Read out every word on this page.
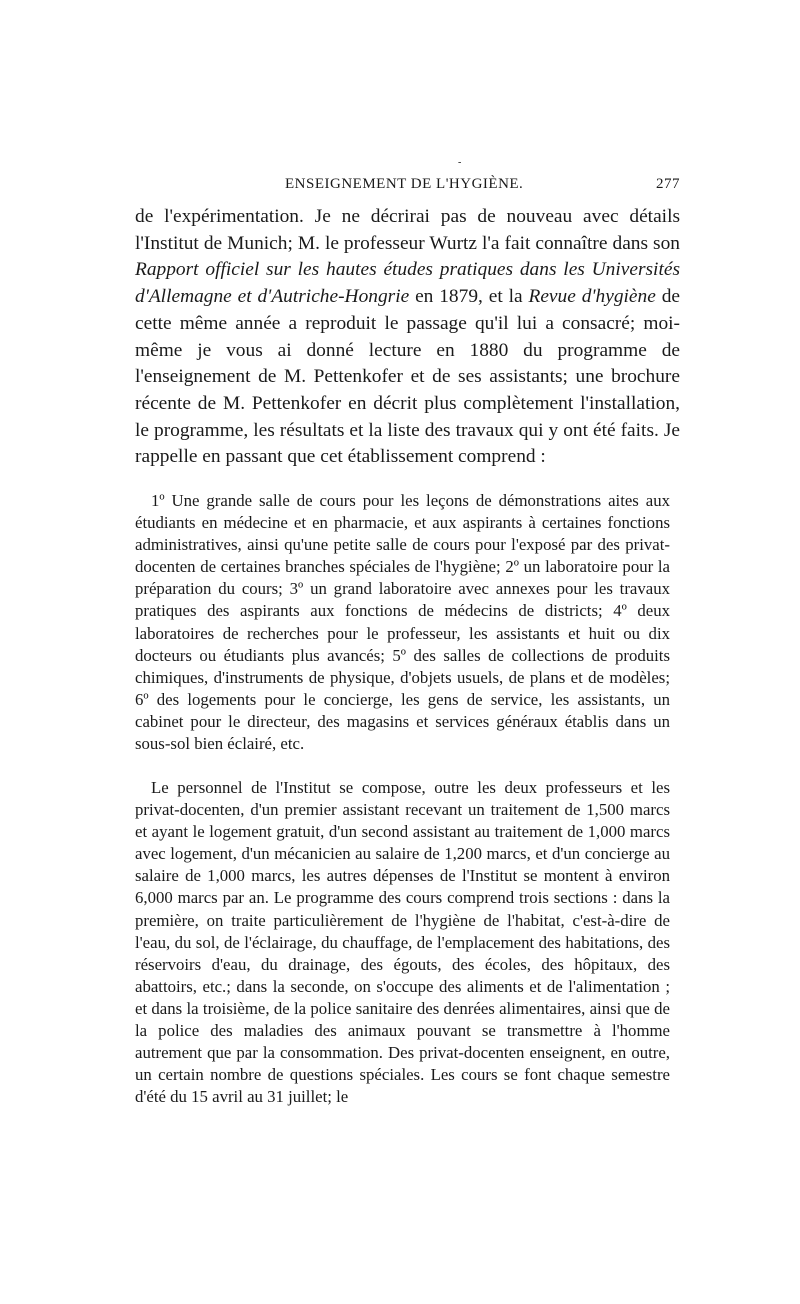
-
ENSEIGNEMENT DE L'HYGIÈNE.	277

de l'expérimentation. Je ne décrirai pas de nouveau avec détails l'Institut de Munich; M. le professeur Wurtz l'a fait connaître dans son Rapport officiel sur les hautes études pratiques dans les Universités d'Allemagne et d'Autriche-Hongrie en 1879, et la Revue d'hygiène de cette même année a reproduit le passage qu'il lui a consacré; moi-même je vous ai donné lecture en 1880 du programme de l'enseignement de M. Pettenkofer et de ses assistants; une brochure récente de M. Pettenkofer en décrit plus complètement l'installation, le programme, les résultats et la liste des travaux qui y ont été faits. Je rappelle en passant que cet établissement comprend :

1º Une grande salle de cours pour les leçons de démonstrations aites aux étudiants en médecine et en pharmacie, et aux aspirants à certaines fonctions administratives, ainsi qu'une petite salle de cours pour l'exposé par des privat-docenten de certaines branches spéciales de l'hygiène; 2º un laboratoire pour la préparation du cours; 3º un grand laboratoire avec annexes pour les travaux pratiques des aspirants aux fonctions de médecins de districts; 4º deux laboratoires de recherches pour le professeur, les assistants et huit ou dix docteurs ou étudiants plus avancés; 5º des salles de collections de produits chimiques, d'instruments de physique, d'objets usuels, de plans et de modèles; 6º des logements pour le concierge, les gens de service, les assistants, un cabinet pour le directeur, des magasins et services généraux établis dans un sous-sol bien éclairé, etc.

Le personnel de l'Institut se compose, outre les deux professeurs et les privat-docenten, d'un premier assistant recevant un traitement de 1,500 marcs et ayant le logement gratuit, d'un second assistant au traitement de 1,000 marcs avec logement, d'un mécanicien au salaire de 1,200 marcs, et d'un concierge au salaire de 1,000 marcs, les autres dépenses de l'Institut se montent à environ 6,000 marcs par an. Le programme des cours comprend trois sections : dans la première, on traite particulièrement de l'hygiène de l'habitat, c'est-à-dire de l'eau, du sol, de l'éclairage, du chauffage, de l'emplacement des habitations, des réservoirs d'eau, du drainage, des égouts, des écoles, des hôpitaux, des abattoirs, etc.; dans la seconde, on s'occupe des aliments et de l'alimentation ; et dans la troisième, de la police sanitaire des denrées alimentaires, ainsi que de la police des maladies des animaux pouvant se transmettre à l'homme autrement que par la consommation. Des privat-docenten enseignent, en outre, un certain nombre de questions spéciales. Les cours se font chaque semestre d'été du 15 avril au 31 juillet; le
